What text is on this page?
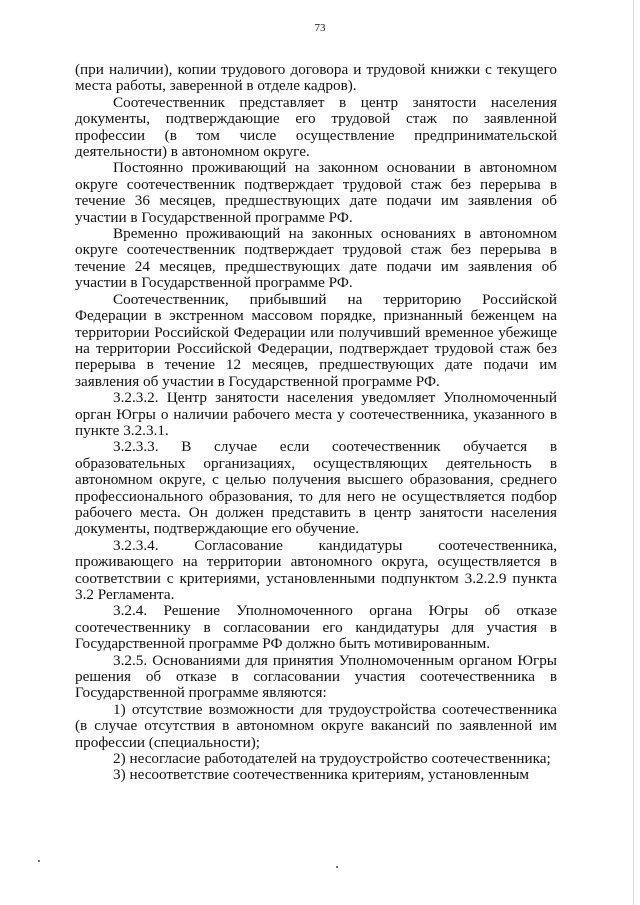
73

(при наличии), копии трудового договора и трудовой книжки с текущего места работы, заверенной в отделе кадров).

Соотечественник представляет в центр занятости населения документы, подтверждающие его трудовой стаж по заявленной профессии (в том числе осуществление предпринимательской деятельности) в автономном округе.

Постоянно проживающий на законном основании в автономном округе соотечественник подтверждает трудовой стаж без перерыва в течение 36 месяцев, предшествующих дате подачи им заявления об участии в Государственной программе РФ.

Временно проживающий на законных основаниях в автономном округе соотечественник подтверждает трудовой стаж без перерыва в течение 24 месяцев, предшествующих дате подачи им заявления об участии в Государственной программе РФ.

Соотечественник, прибывший на территорию Российской Федерации в экстренном массовом порядке, признанный беженцем на территории Российской Федерации или получивший временное убежище на территории Российской Федерации, подтверждает трудовой стаж без перерыва в течение 12 месяцев, предшествующих дате подачи им заявления об участии в Государственной программе РФ.

3.2.3.2. Центр занятости населения уведомляет Уполномоченный орган Югры о наличии рабочего места у соотечественника, указанного в пункте 3.2.3.1.

3.2.3.3. В случае если соотечественник обучается в образовательных организациях, осуществляющих деятельность в автономном округе, с целью получения высшего образования, среднего профессионального образования, то для него не осуществляется подбор рабочего места. Он должен представить в центр занятости населения документы, подтверждающие его обучение.

3.2.3.4. Согласование кандидатуры соотечественника, проживающего на территории автономного округа, осуществляется в соответствии с критериями, установленными подпунктом 3.2.2.9 пункта 3.2 Регламента.

3.2.4. Решение Уполномоченного органа Югры об отказе соотечественнику в согласовании его кандидатуры для участия в Государственной программе РФ должно быть мотивированным.

3.2.5. Основаниями для принятия Уполномоченным органом Югры решения об отказе в согласовании участия соотечественника в Государственной программе являются:

1) отсутствие возможности для трудоустройства соотечественника (в случае отсутствия в автономном округе вакансий по заявленной им профессии (специальности);

2) несогласие работодателей на трудоустройство соотечественника;

3) несоответствие соотечественника критериям, установленным
